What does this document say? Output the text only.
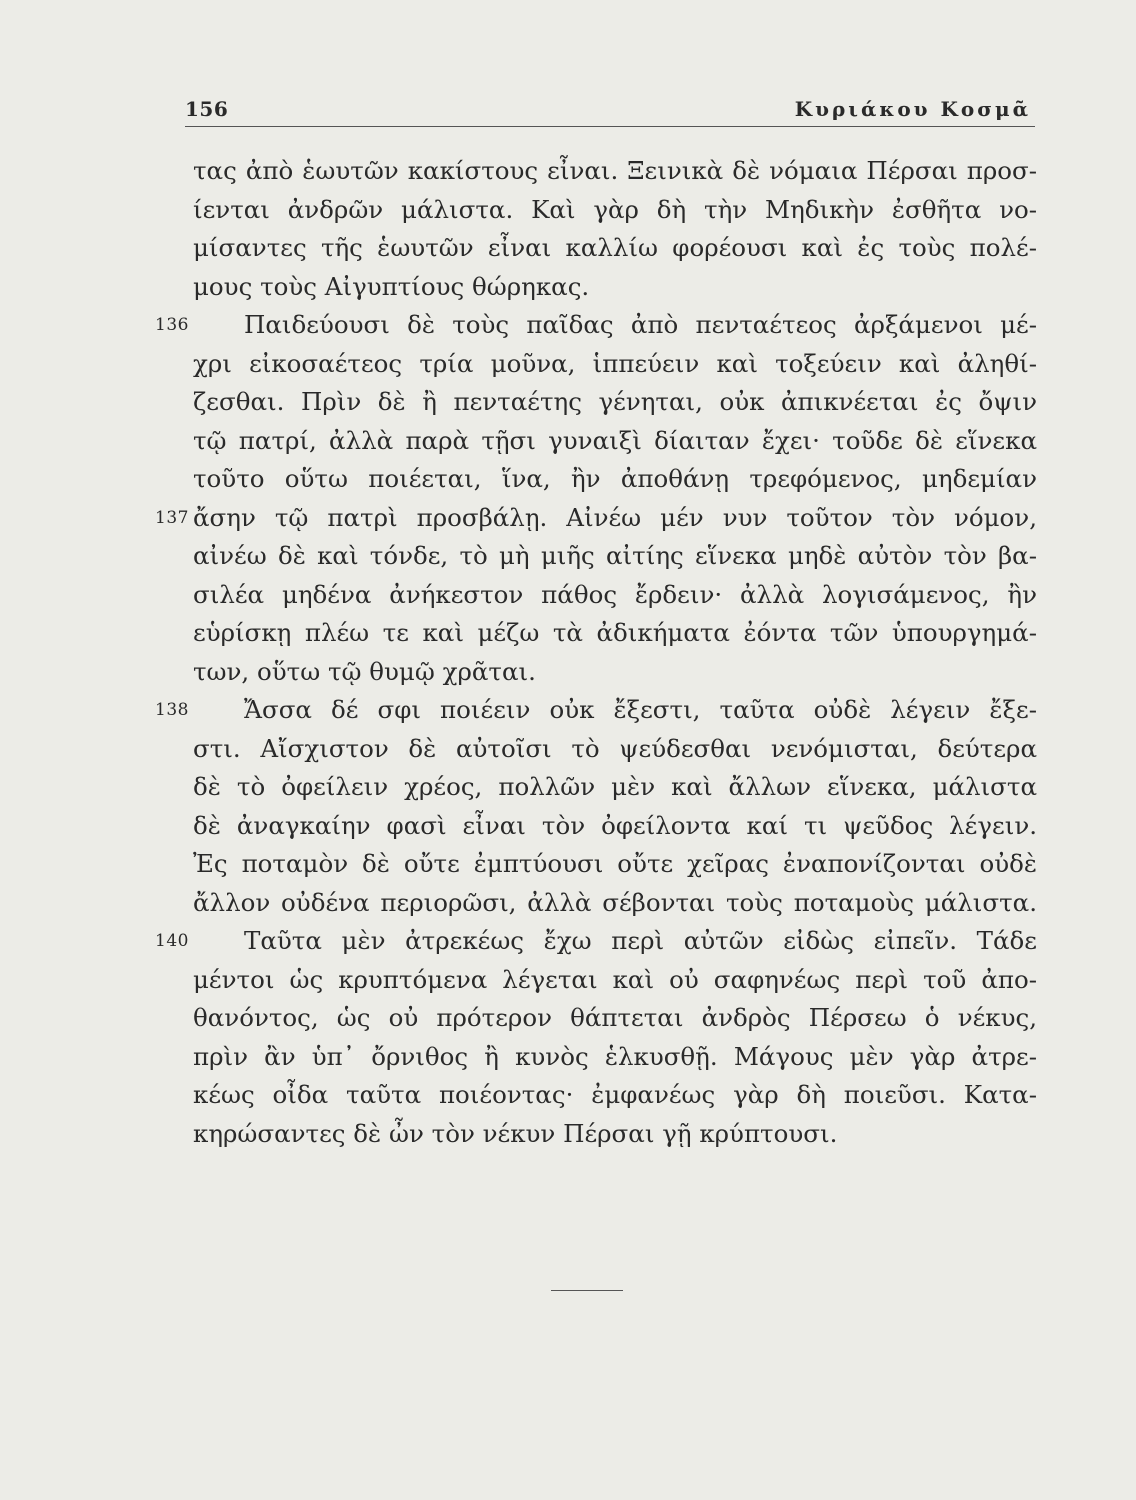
156	Κυριάκου Κοσμᾶ
τας ἀπὸ ἑωυτῶν κακίστους εἶναι. Ξεινικὰ δὲ νόμαια Πέρσαι προσ-
ίενται ἀνδρῶν μάλιστα. Καὶ γὰρ δὴ τὴν Μηδικὴν ἐσθῆτα νο-
μίσαντες τῆς ἑωυτῶν εἶναι καλλίω φορέουσι καὶ ἐς τοὺς πολέ-
μους τοὺς Αἰγυπτίους θώρηκας.
136 Παιδεύουσι δὲ τοὺς παῖδας ἀπὸ πενταέτεος ἀρξάμενοι μέ-
χρι εἰκοσαέτεος τρία μοῦνα, ἱππεύειν καὶ τοξεύειν καὶ ἀληθί-
ζεσθαι. Πρὶν δὲ ἢ πενταέτης γένηται, οὐκ ἀπικνέεται ἐς ὄψιν
τῷ πατρί, ἀλλὰ παρὰ τῇσι γυναιξὶ δίαιταν ἔχει· τοῦδε δὲ εἵνεκα
τοῦτο οὕτω ποιέεται, ἵνα, ἢν ἀποθάνῃ τρεφόμενος, μηδεμίαν
137 ἄσην τῷ πατρὶ προσβάλῃ. Αἰνέω μέν νυν τοῦτον τὸν νόμον,
αἰνέω δὲ καὶ τόνδε, τὸ μὴ μιῆς αἰτίης εἵνεκα μηδὲ αὐτὸν τὸν βα-
σιλέα μηδένα ἀνήκεστον πάθος ἔρδειν· ἀλλὰ λογισάμενος, ἢν
εὑρίσκῃ πλέω τε καὶ μέζω τὰ ἀδικήματα ἐόντα τῶν ὑπουργημά-
των, οὕτω τῷ θυμῷ χρᾶται.
138 Ἄσσα δέ σφι ποιέειν οὐκ ἔξεστι, ταῦτα οὐδὲ λέγειν ἔξε-
στι. Αἴσχιστον δὲ αὐτοῖσι τὸ ψεύδεσθαι νενόμισται, δεύτερα
δὲ τὸ ὀφείλειν χρέος, πολλῶν μὲν καὶ ἄλλων εἵνεκα, μάλιστα
δὲ ἀναγκαίην φασὶ εἶναι τὸν ὀφείλοντα καί τι ψεῦδος λέγειν.
Ἐς ποταμὸν δὲ οὔτε ἐμπτύουσι οὔτε χεῖρας ἐναπονίζονται οὐδὲ
ἄλλον οὐδένα περιορῶσι, ἀλλὰ σέβονται τοὺς ποταμοὺς μάλιστα.
140 Ταῦτα μὲν ἀτρεκέως ἔχω περὶ αὐτῶν εἰδὼς εἰπεῖν. Τάδε
μέντοι ὡς κρυπτόμενα λέγεται καὶ οὐ σαφηνέως περὶ τοῦ ἀπο-
θανόντος, ὡς οὐ πρότερον θάπτεται ἀνδρὸς Πέρσεω ὁ νέκυς,
πρὶν ἂν ὑπ᾽ ὄρνιθος ἢ κυνὸς ἑλκυσθῇ. Μάγους μὲν γὰρ ἀτρε-
κέως οἶδα ταῦτα ποιέοντας· ἐμφανέως γὰρ δὴ ποιεῦσι. Κατα-
κηρώσαντες δὲ ὦν τὸν νέκυν Πέρσαι γῇ κρύπτουσι.
